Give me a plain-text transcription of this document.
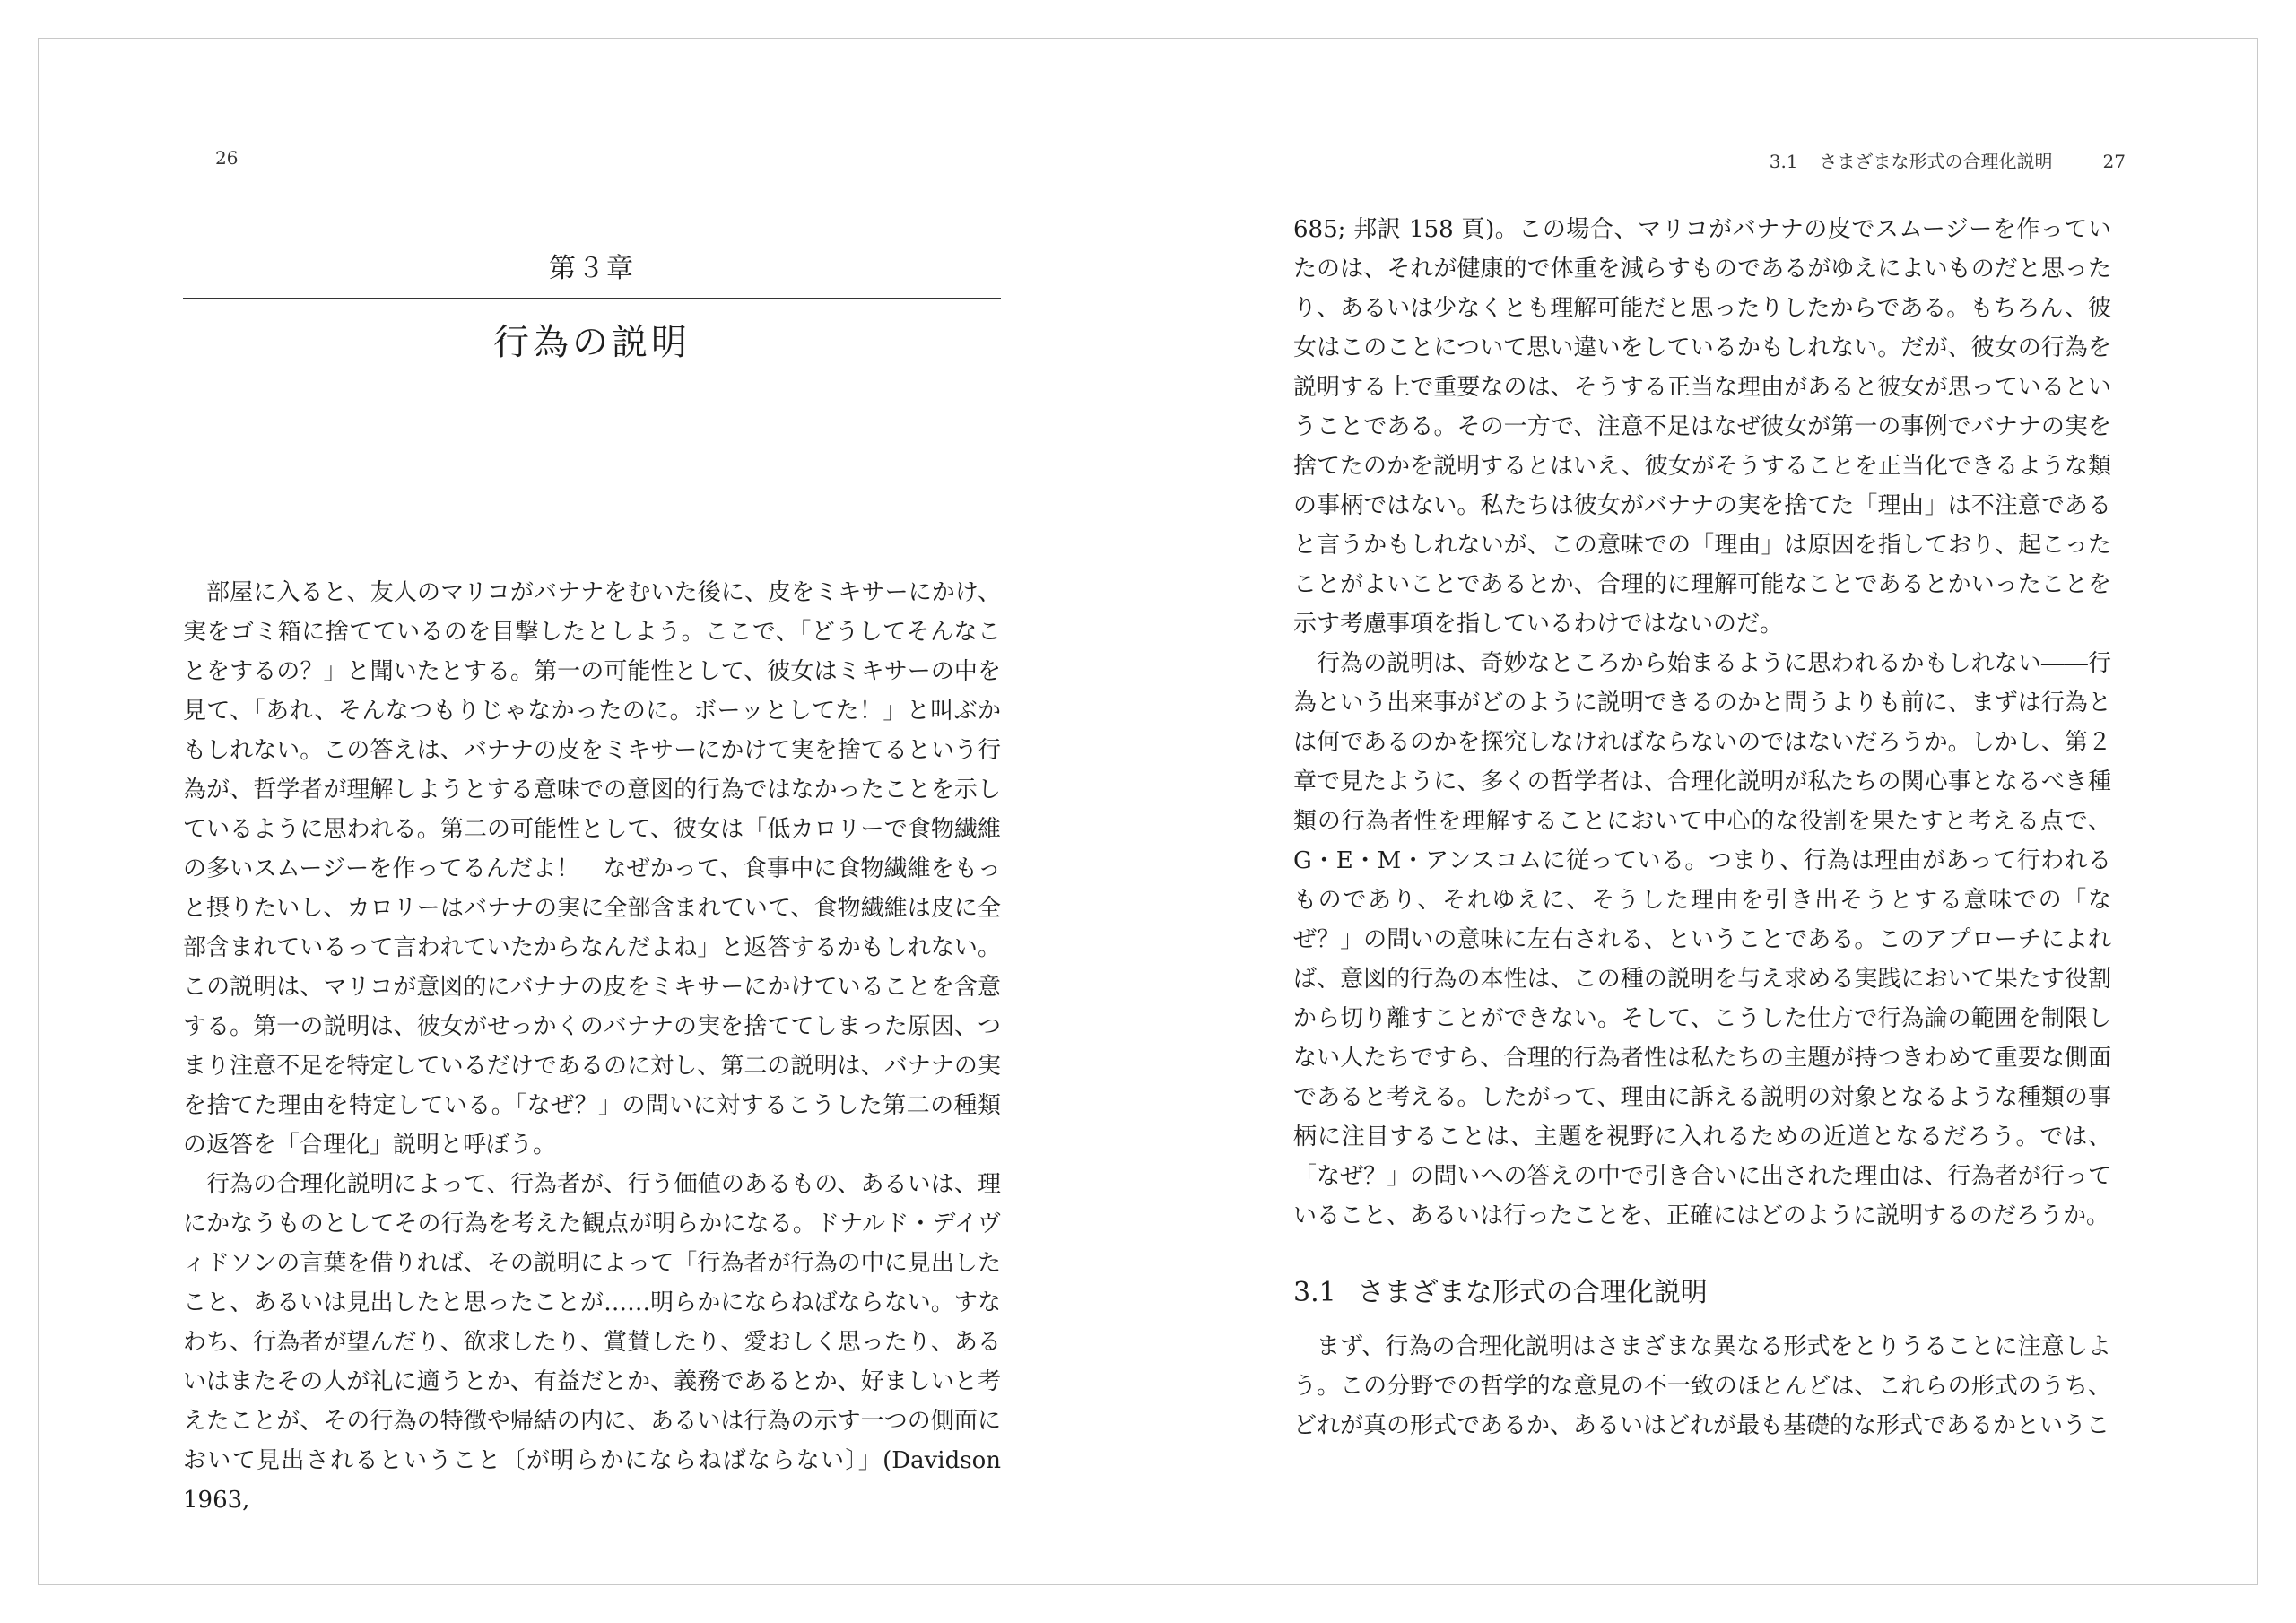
26
第３章
行為の説明

部屋に入ると、友人のマリコがバナナをむいた後に、皮をミキサーにかけ、実をゴミ箱に捨てているのを目撃したとしよう。ここで、「どうしてそんなことをするの？」と聞いたとする。第一の可能性として、彼女はミキサーの中を見て、「あれ、そんなつもりじゃなかったのに。ボーッとしてた！」と叫ぶかもしれない。この答えは、バナナの皮をミキサーにかけて実を捨てるという行為が、哲学者が理解しようとする意味での意図的行為ではなかったことを示しているように思われる。第二の可能性として、彼女は「低カロリーで食物繊維の多いスムージーを作ってるんだよ！　なぜかって、食事中に食物繊維をもっと摂りたいし、カロリーはバナナの実に全部含まれていて、食物繊維は皮に全部含まれているって言われていたからなんだよね」と返答するかもしれない。この説明は、マリコが意図的にバナナの皮をミキサーにかけていることを含意する。第一の説明は、彼女がせっかくのバナナの実を捨ててしまった原因、つまり注意不足を特定しているだけであるのに対し、第二の説明は、バナナの実を捨てた理由を特定している。「なぜ？」の問いに対するこうした第二の種類の返答を「合理化」説明と呼ぼう。

行為の合理化説明によって、行為者が、行う価値のあるもの、あるいは、理にかなうものとしてその行為を考えた観点が明らかになる。ドナルド・デイヴィドソンの言葉を借りれば、その説明によって「行為者が行為の中に見出したこと、あるいは見出したと思ったことが……明らかにならねばならない。すなわち、行為者が望んだり、欲求したり、賞賛したり、愛おしく思ったり、あるいはまたその人が礼に適うとか、有益だとか、義務であるとか、好ましいと考えたことが、その行為の特徴や帰結の内に、あるいは行為の示す一つの側面において見出されるということ〔が明らかにならねばならない〕」(Davidson 1963,

3.1 さまざまな形式の合理化説明	27

685; 邦訳 158 頁)。この場合、マリコがバナナの皮でスムージーを作っていたのは、それが健康的で体重を減らすものであるがゆえによいものだと思ったり、あるいは少なくとも理解可能だと思ったりしたからである。もちろん、彼女はこのことについて思い違いをしているかもしれない。だが、彼女の行為を説明する上で重要なのは、そうする正当な理由があると彼女が思っているということである。その一方で、注意不足はなぜ彼女が第一の事例でバナナの実を捨てたのかを説明するとはいえ、彼女がそうすることを正当化できるような類の事柄ではない。私たちは彼女がバナナの実を捨てた「理由」は不注意であると言うかもしれないが、この意味での「理由」は原因を指しており、起こったことがよいことであるとか、合理的に理解可能なことであるとかいったことを示す考慮事項を指しているわけではないのだ。

行為の説明は、奇妙なところから始まるように思われるかもしれない――行為という出来事がどのように説明できるのかと問うよりも前に、まずは行為とは何であるのかを探究しなければならないのではないだろうか。しかし、第２章で見たように、多くの哲学者は、合理化説明が私たちの関心事となるべき種類の行為者性を理解することにおいて中心的な役割を果たすと考える点で、G・E・M・アンスコムに従っている。つまり、行為は理由があって行われるものであり、それゆえに、そうした理由を引き出そうとする意味での「なぜ？」の問いの意味に左右される、ということである。このアプローチによれば、意図的行為の本性は、この種の説明を与え求める実践において果たす役割から切り離すことができない。そして、こうした仕方で行為論の範囲を制限しない人たちですら、合理的行為者性は私たちの主題が持つきわめて重要な側面であると考える。したがって、理由に訴える説明の対象となるような種類の事柄に注目することは、主題を視野に入れるための近道となるだろう。では、「なぜ？」の問いへの答えの中で引き合いに出された理由は、行為者が行っていること、あるいは行ったことを、正確にはどのように説明するのだろうか。

3.1 さまざまな形式の合理化説明

まず、行為の合理化説明はさまざまな異なる形式をとりうることに注意しよう。この分野での哲学的な意見の不一致のほとんどは、これらの形式のうち、どれが真の形式であるか、あるいはどれが最も基礎的な形式であるかというこ
